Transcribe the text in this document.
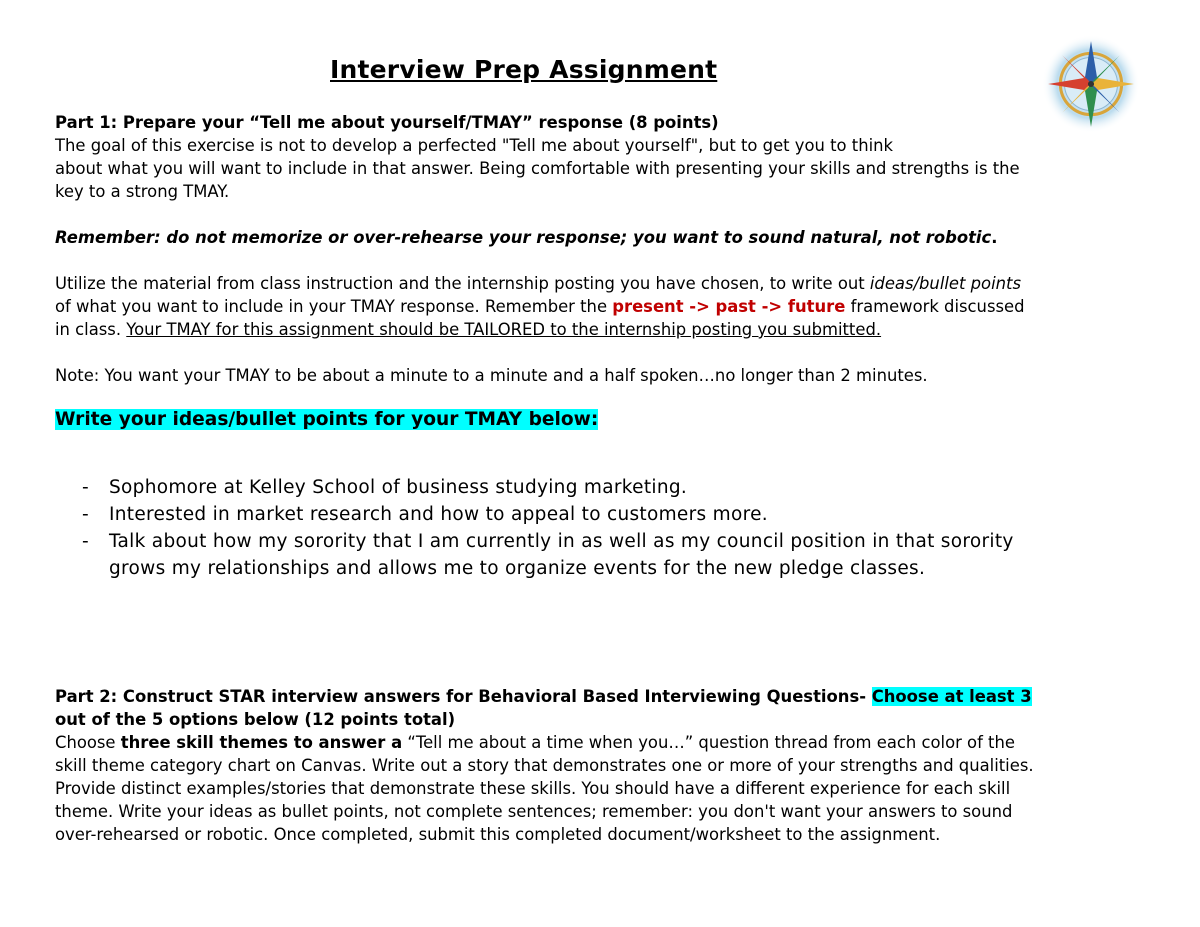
Interview Prep Assignment
Part 1: Prepare your “Tell me about yourself/TMAY” response (8 points)
The goal of this exercise is not to develop a perfected "Tell me about yourself", but to get you to think
about what you will want to include in that answer. Being comfortable with presenting your skills and strengths is the
key to a strong TMAY.
Remember: do not memorize or over-rehearse your response; you want to sound natural, not robotic.
Utilize the material from class instruction and the internship posting you have chosen, to write out ideas/bullet points
of what you want to include in your TMAY response. Remember the present -> past -> future framework discussed
in class. Your TMAY for this assignment should be TAILORED to the internship posting you submitted.
Note: You want your TMAY to be about a minute to a minute and a half spoken…no longer than 2 minutes.
Write your ideas/bullet points for your TMAY below:
- Sophomore at Kelley School of business studying marketing.
- Interested in market research and how to appeal to customers more.
- Talk about how my sorority that I am currently in as well as my council position in that sorority
grows my relationships and allows me to organize events for the new pledge classes.
Part 2: Construct STAR interview answers for Behavioral Based Interviewing Questions- Choose at least 3
out of the 5 options below (12 points total)
Choose three skill themes to answer a “Tell me about a time when you…” question thread from each color of the
skill theme category chart on Canvas. Write out a story that demonstrates one or more of your strengths and qualities.
Provide distinct examples/stories that demonstrate these skills. You should have a different experience for each skill
theme. Write your ideas as bullet points, not complete sentences; remember: you don't want your answers to sound
over-rehearsed or robotic. Once completed, submit this completed document/worksheet to the assignment.
